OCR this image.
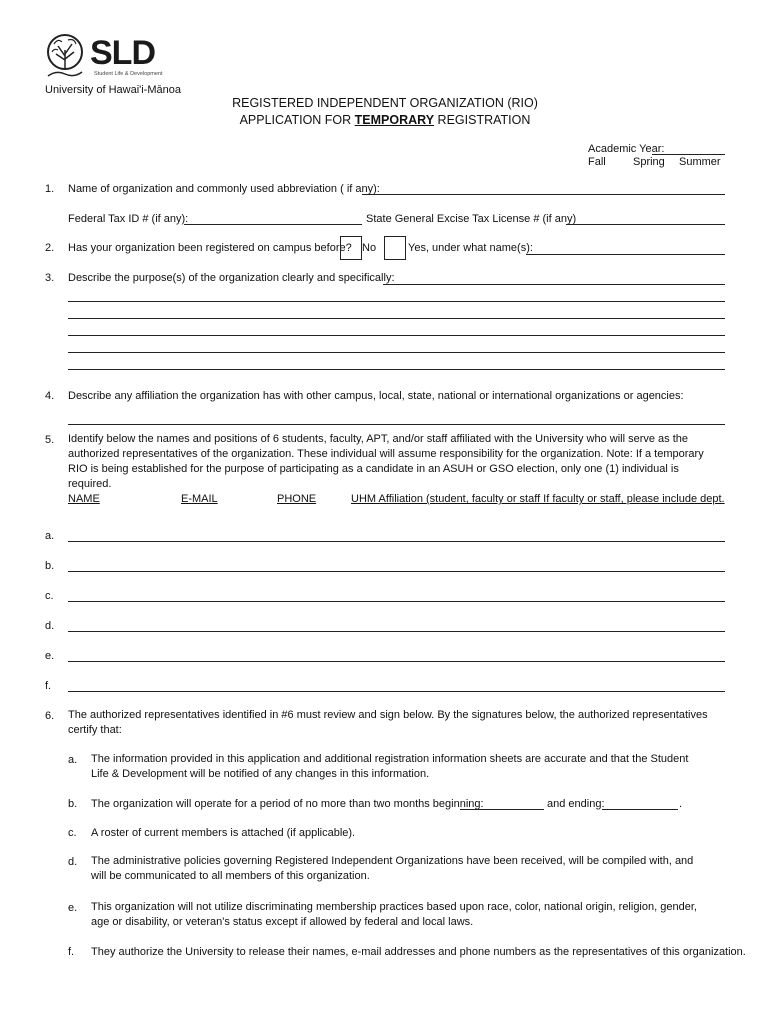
SLD
Student Life & Development
University of Hawai'i-Mānoa
REGISTERED INDEPENDENT ORGANIZATION (RIO)
APPLICATION FOR TEMPORARY REGISTRATION
Academic Year:
Fall Spring Summer
1.	Name of organization and commonly used abbreviation ( if any):
Federal Tax ID # (if any):	State General Excise Tax License # (if any)
2.	Has your organization been registered on campus before? No	Yes, under what name(s):
3.	Describe the purpose(s) of the organization clearly and specifically:
4.	Describe any affiliation the organization has with other campus, local, state, national or international organizations or agencies:
5.	Identify below the names and positions of 6 students, faculty, APT, and/or staff affiliated with the University who will serve as the authorized representatives of the organization. These individual will assume responsibility for the organization. Note: If a temporary RIO is being established for the purpose of participating as a candidate in an ASUH or GSO election, only one (1) individual is required.
NAME	E-MAIL	PHONE	UHM Affiliation (student, faculty or staff If faculty or staff, please include dept.
a.
b.
c.
d.
e.
f.
6.	The authorized representatives identified in #6 must review and sign below. By the signatures below, the authorized representatives certify that:
a. The information provided in this application and additional registration information sheets are accurate and that the Student Life & Development will be notified of any changes in this information.
b. The organization will operate for a period of no more than two months beginning:	and ending:	.
c. A roster of current members is attached (if applicable).
d. The administrative policies governing Registered Independent Organizations have been received, will be compiled with, and will be communicated to all members of this organization.
e. This organization will not utilize discriminating membership practices based upon race, color, national origin, religion, gender, age or disability, or veteran's status except if allowed by federal and local laws.
f. They authorize the University to release their names, e-mail addresses and phone numbers as the representatives of this organization.
